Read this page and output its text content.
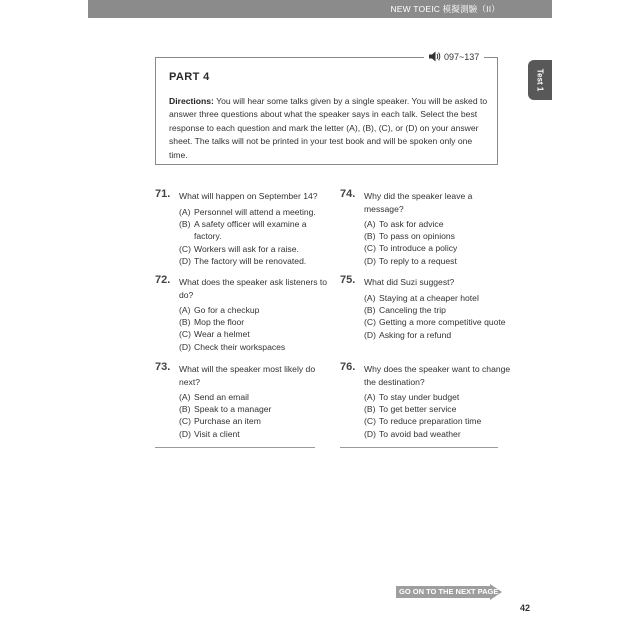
NEW TOEIC 模擬測驗（II）
Test 1
097~137
PART 4
Directions: You will hear some talks given by a single speaker. You will be asked to answer three questions about what the speaker says in each talk. Select the best response to each question and mark the letter (A), (B), (C), or (D) on your answer sheet. The talks will not be printed in your test book and will be spoken only one time.
71. What will happen on September 14?
(A) Personnel will attend a meeting.
(B) A safety officer will examine a factory.
(C) Workers will ask for a raise.
(D) The factory will be renovated.
72. What does the speaker ask listeners to do?
(A) Go for a checkup
(B) Mop the floor
(C) Wear a helmet
(D) Check their workspaces
73. What will the speaker most likely do next?
(A) Send an email
(B) Speak to a manager
(C) Purchase an item
(D) Visit a client
74. Why did the speaker leave a message?
(A) To ask for advice
(B) To pass on opinions
(C) To introduce a policy
(D) To reply to a request
75. What did Suzi suggest?
(A) Staying at a cheaper hotel
(B) Canceling the trip
(C) Getting a more competitive quote
(D) Asking for a refund
76. Why does the speaker want to change the destination?
(A) To stay under budget
(B) To get better service
(C) To reduce preparation time
(D) To avoid bad weather
GO ON TO THE NEXT PAGE
42
